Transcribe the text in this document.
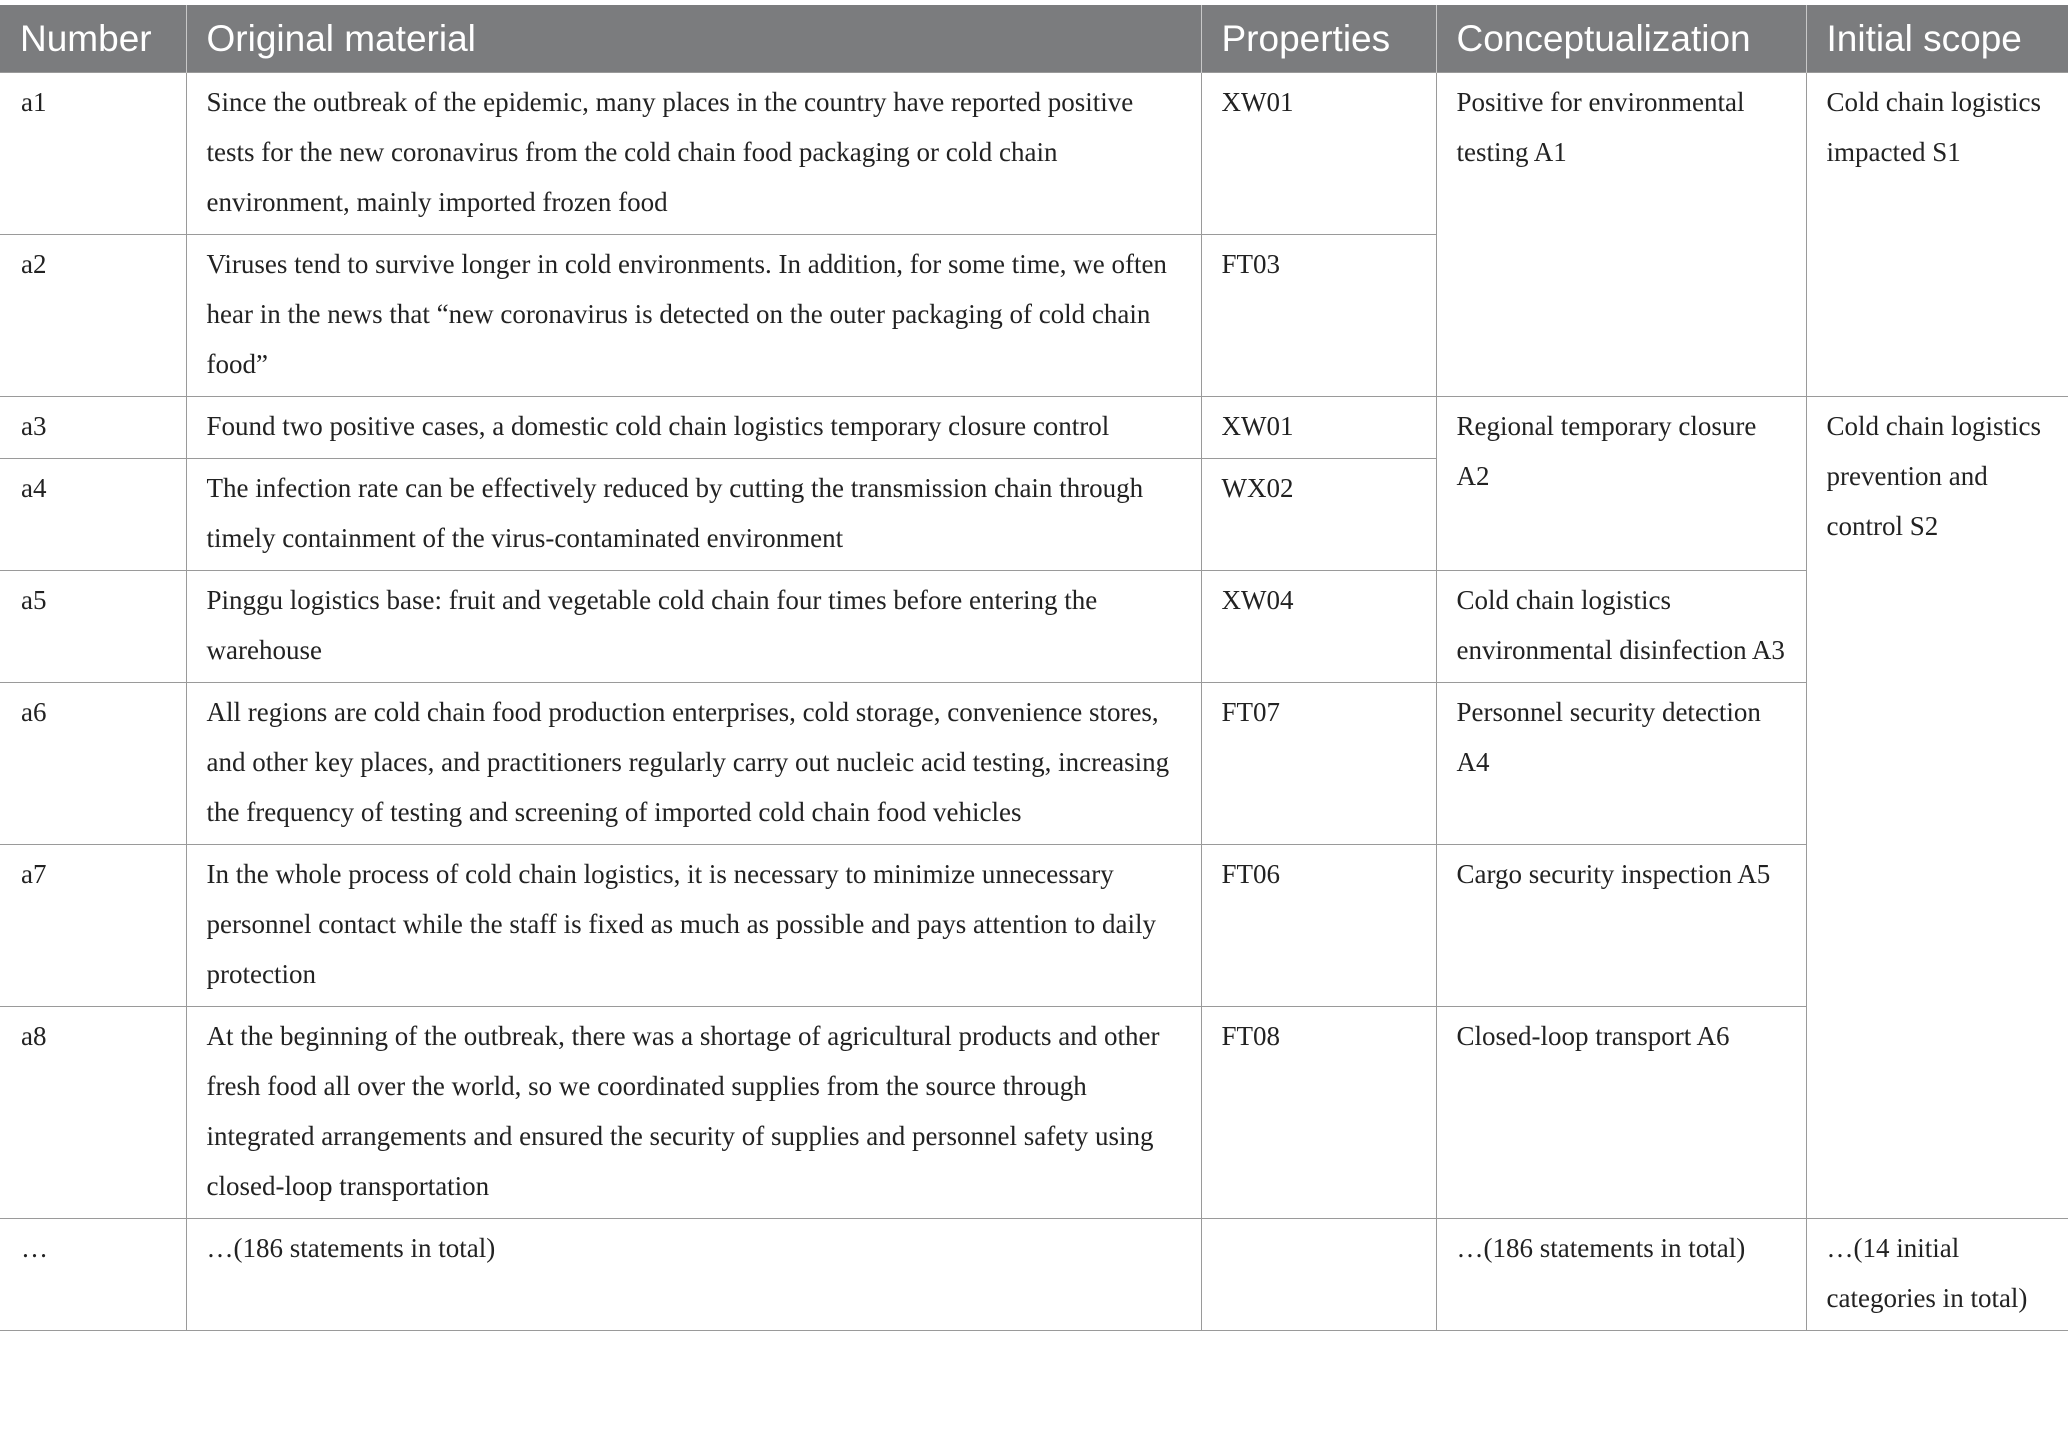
Number	Original material	Properties	Conceptualization	Initial scope
a1	Since the outbreak of the epidemic, many places in the country have reported positive tests for the new coronavirus from the cold chain food packaging or cold chain environment, mainly imported frozen food	XW01	Positive for environmental testing A1	Cold chain logistics impacted S1
a2	Viruses tend to survive longer in cold environments. In addition, for some time, we often hear in the news that “new coronavirus is detected on the outer packaging of cold chain food”	FT03		
a3	Found two positive cases, a domestic cold chain logistics temporary closure control	XW01	Regional temporary closure A2	Cold chain logistics prevention and control S2
a4	The infection rate can be effectively reduced by cutting the transmission chain through timely containment of the virus-contaminated environment	WX02		
a5	Pinggu logistics base: fruit and vegetable cold chain four times before entering the warehouse	XW04	Cold chain logistics environmental disinfection A3	
a6	All regions are cold chain food production enterprises, cold storage, convenience stores, and other key places, and practitioners regularly carry out nucleic acid testing, increasing the frequency of testing and screening of imported cold chain food vehicles	FT07	Personnel security detection A4	
a7	In the whole process of cold chain logistics, it is necessary to minimize unnecessary personnel contact while the staff is fixed as much as possible and pays attention to daily protection	FT06	Cargo security inspection A5	
a8	At the beginning of the outbreak, there was a shortage of agricultural products and other fresh food all over the world, so we coordinated supplies from the source through integrated arrangements and ensured the security of supplies and personnel safety using closed-loop transportation	FT08	Closed-loop transport A6	
…	…(186 statements in total)		…(186 statements in total)	…(14 initial categories in total)
